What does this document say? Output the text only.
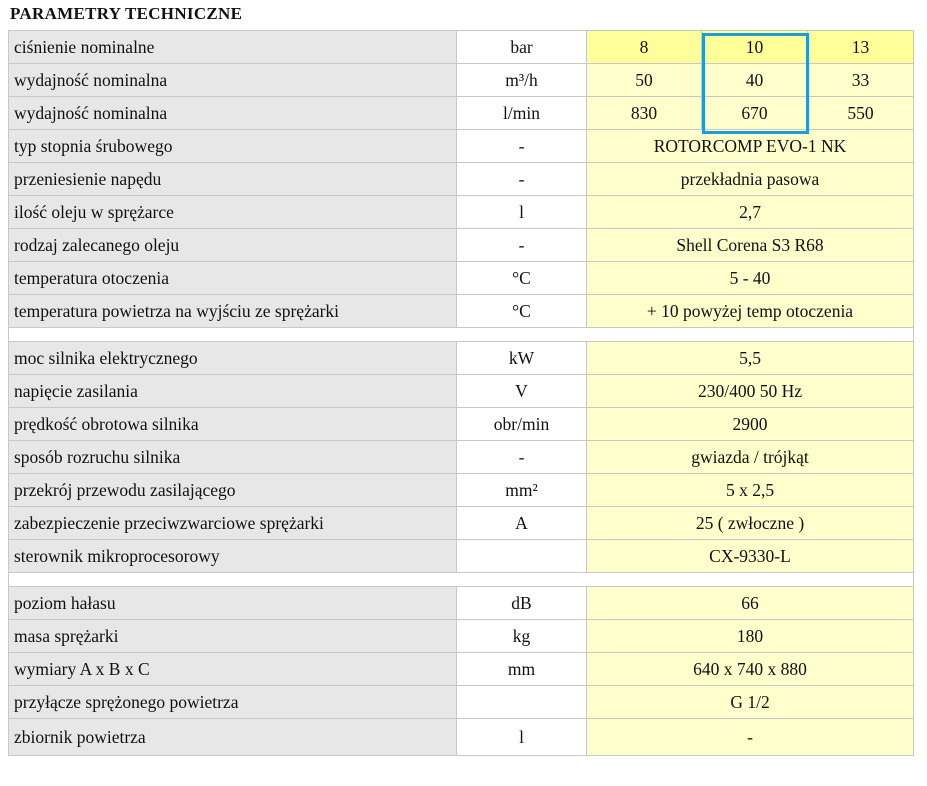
PARAMETRY TECHNICZNE
ciśnienie nominalne	bar	8	10	13
wydajność nominalna	m³/h	50	40	33
wydajność nominalna	l/min	830	670	550
typ stopnia śrubowego	-	ROTORCOMP EVO-1 NK		
przeniesienie napędu	-	przekładnia pasowa		
ilość oleju w sprężarce	l	2,7		
rodzaj zalecanego oleju	-	Shell Corena S3 R68		
temperatura otoczenia	°C	5 - 40		
temperatura powietrza na wyjściu ze sprężarki	°C	+ 10 powyżej temp otoczenia		

moc silnika elektrycznego	kW	5,5		
napięcie zasilania	V	230/400 50 Hz		
prędkość obrotowa silnika	obr/min	2900		
sposób rozruchu silnika	-	gwiazda / trójkąt		
przekrój przewodu zasilającego	mm²	5 x 2,5		
zabezpieczenie przeciwzwarciowe sprężarki	A	25 ( zwłoczne )		
sterownik mikroprocesorowy		CX-9330-L		

poziom hałasu	dB	66		
masa sprężarki	kg	180		
wymiary A x B x C	mm	640 x 740 x 880		
przyłącze sprężonego powietrza		G 1/2		
zbiornik powietrza	l	-		
